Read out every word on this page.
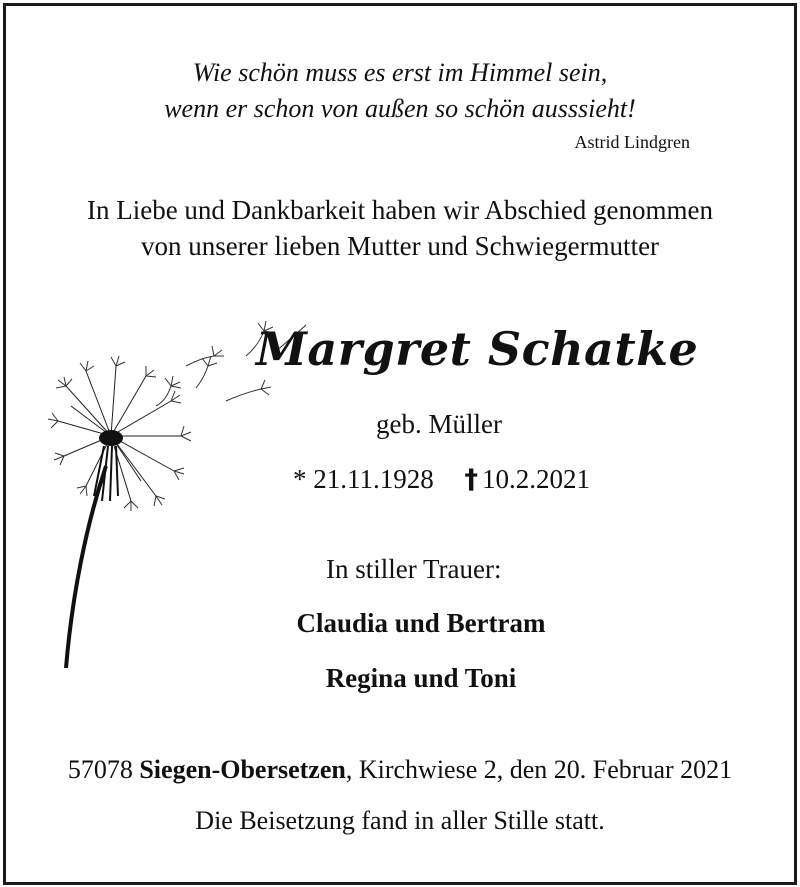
Wie schön muss es erst im Himmel sein,
wenn er schon von außen so schön ausssieht!
Astrid Lindgren
In Liebe und Dankbarkeit haben wir Abschied genommen
von unserer lieben Mutter und Schwiegermutter
Margret Schatke
geb. Müller
* 21.11.1928 † 10.2.2021
In stiller Trauer:
Claudia und Bertram
Regina und Toni
57078 Siegen-Obersetzen, Kirchwiese 2, den 20. Februar 2021
Die Beisetzung fand in aller Stille statt.
